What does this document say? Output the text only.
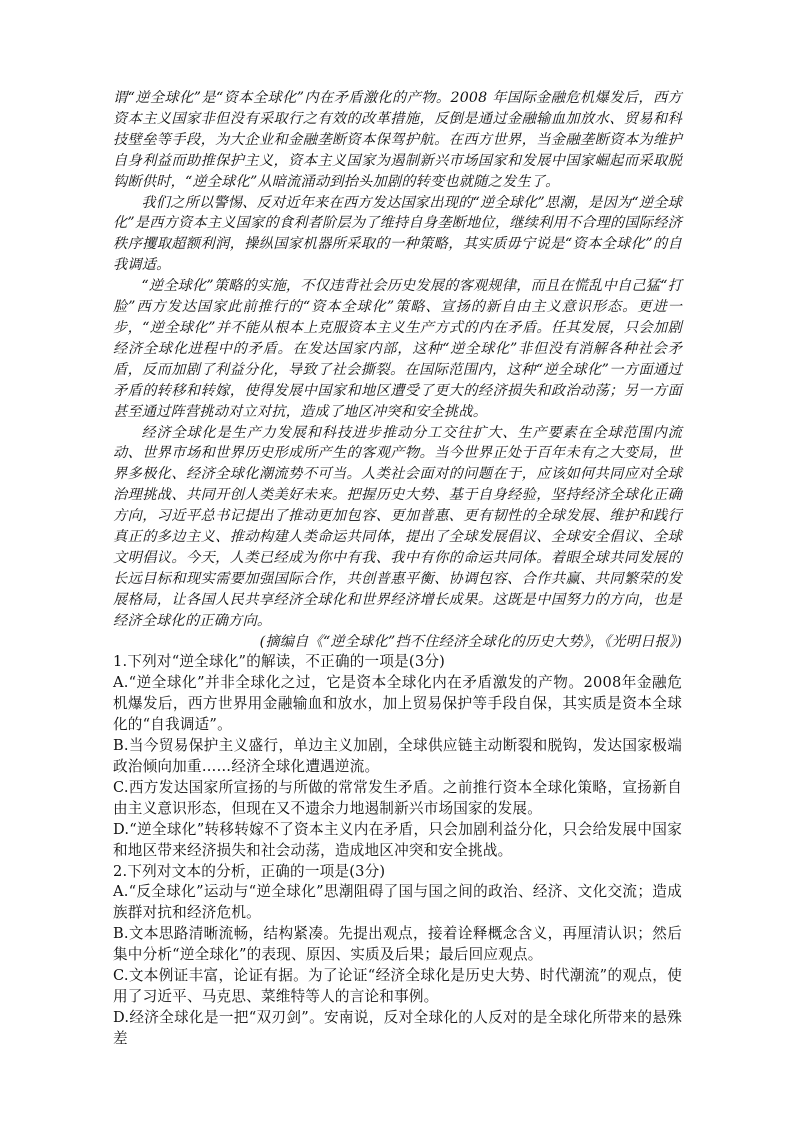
谓“逆全球化”是“资本全球化”内在矛盾激化的产物。2008 年国际金融危机爆发后，西方资本主义国家非但没有采取行之有效的改革措施，反倒是通过金融输血加放水、贸易和科技壁垒等手段，为大企业和金融垄断资本保驾护航。在西方世界，当金融垄断资本为维护自身利益而助推保护主义，资本主义国家为遏制新兴市场国家和发展中国家崛起而采取脱钩断供时，“逆全球化”从暗流涌动到抬头加剧的转变也就随之发生了。

我们之所以警惕、反对近年来在西方发达国家出现的“逆全球化”思潮，是因为“逆全球化”是西方资本主义国家的食利者阶层为了维持自身垄断地位，继续利用不合理的国际经济秩序攫取超额利润，操纵国家机器所采取的一种策略，其实质毋宁说是“资本全球化”的自我调适。

“逆全球化”策略的实施，不仅违背社会历史发展的客观规律，而且在慌乱中自己猛“打脸”西方发达国家此前推行的“资本全球化”策略、宣扬的新自由主义意识形态。更进一步，“逆全球化”并不能从根本上克服资本主义生产方式的内在矛盾。任其发展，只会加剧经济全球化进程中的矛盾。在发达国家内部，这种“逆全球化”非但没有消解各种社会矛盾，反而加剧了利益分化，导致了社会撕裂。在国际范围内，这种“逆全球化”一方面通过矛盾的转移和转嫁，使得发展中国家和地区遭受了更大的经济损失和政治动荡；另一方面甚至通过阵营挑动对立对抗，造成了地区冲突和安全挑战。

经济全球化是生产力发展和科技进步推动分工交往扩大、生产要素在全球范围内流动、世界市场和世界历史形成所产生的客观产物。当今世界正处于百年未有之大变局，世界多极化、经济全球化潮流势不可当。人类社会面对的问题在于，应该如何共同应对全球治理挑战、共同开创人类美好未来。把握历史大势、基于自身经验，坚持经济全球化正确方向，习近平总书记提出了推动更加包容、更加普惠、更有韧性的全球发展、维护和践行真正的多边主义、推动构建人类命运共同体，提出了全球发展倡议、全球安全倡议、全球文明倡议。今天，人类已经成为你中有我、我中有你的命运共同体。着眼全球共同发展的长远目标和现实需要加强国际合作，共创普惠平衡、协调包容、合作共赢、共同繁荣的发展格局，让各国人民共享经济全球化和世界经济增长成果。这既是中国努力的方向，也是经济全球化的正确方向。

(摘编自《“逆全球化”挡不住经济全球化的历史大势》，《光明日报》)

1.下列对“逆全球化”的解读，不正确的一项是(3分)

A.“逆全球化”并非全球化之过，它是资本全球化内在矛盾激发的产物。2008年金融危机爆发后，西方世界用金融输血和放水，加上贸易保护等手段自保，其实质是资本全球化的“自我调适”。

B.当今贸易保护主义盛行，单边主义加剧，全球供应链主动断裂和脱钩，发达国家极端政治倾向加重……经济全球化遭遇逆流。

C.西方发达国家所宣扬的与所做的常常发生矛盾。之前推行资本全球化策略，宣扬新自由主义意识形态，但现在又不遗余力地遏制新兴市场国家的发展。

D.“逆全球化”转移转嫁不了资本主义内在矛盾，只会加剧利益分化，只会给发展中国家和地区带来经济损失和社会动荡，造成地区冲突和安全挑战。

2.下列对文本的分析，正确的一项是(3分)

A.“反全球化”运动与“逆全球化”思潮阻碍了国与国之间的政治、经济、文化交流；造成族群对抗和经济危机。

B.文本思路清晰流畅，结构紧凑。先提出观点，接着诠释概念含义，再厘清认识；然后集中分析“逆全球化”的表现、原因、实质及后果；最后回应观点。

C.文本例证丰富，论证有据。为了论证“经济全球化是历史大势、时代潮流”的观点，使用了习近平、马克思、菜维特等人的言论和事例。

D.经济全球化是一把“双刃剑”。安南说，反对全球化的人反对的是全球化所带来的悬殊差
